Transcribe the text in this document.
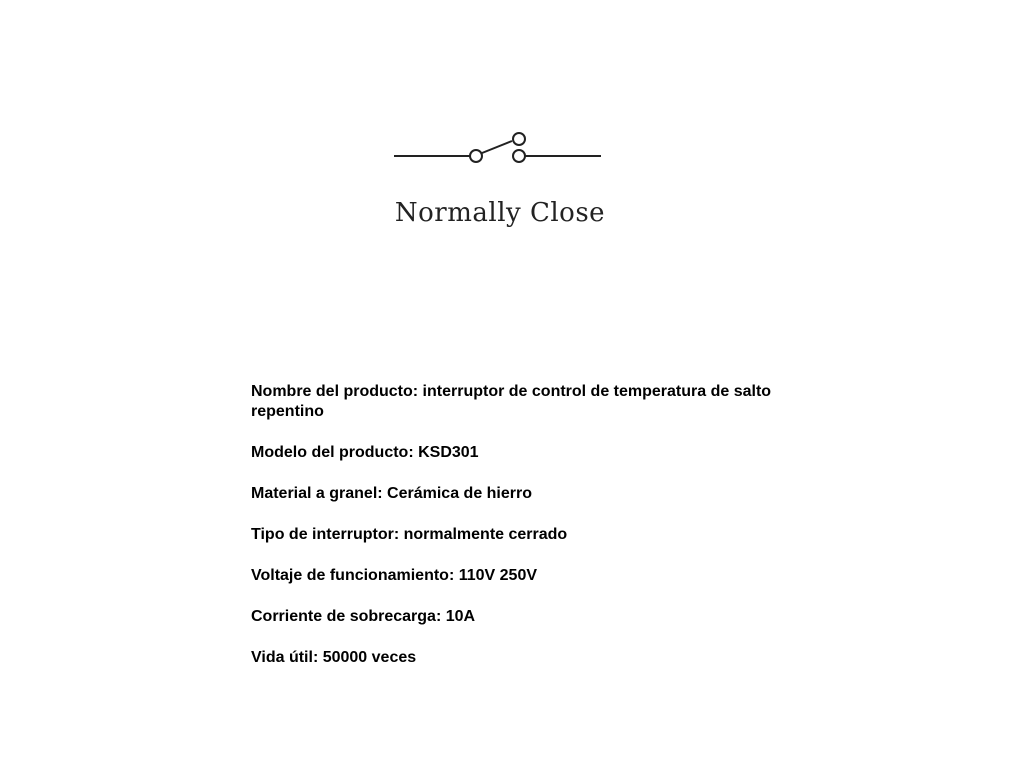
Normally Close
Nombre del producto: interruptor de control de temperatura de salto repentino
Modelo del producto: KSD301
Material a granel: Cerámica de hierro
Tipo de interruptor: normalmente cerrado
Voltaje de funcionamiento: 110V 250V
Corriente de sobrecarga: 10A
Vida útil: 50000 veces
